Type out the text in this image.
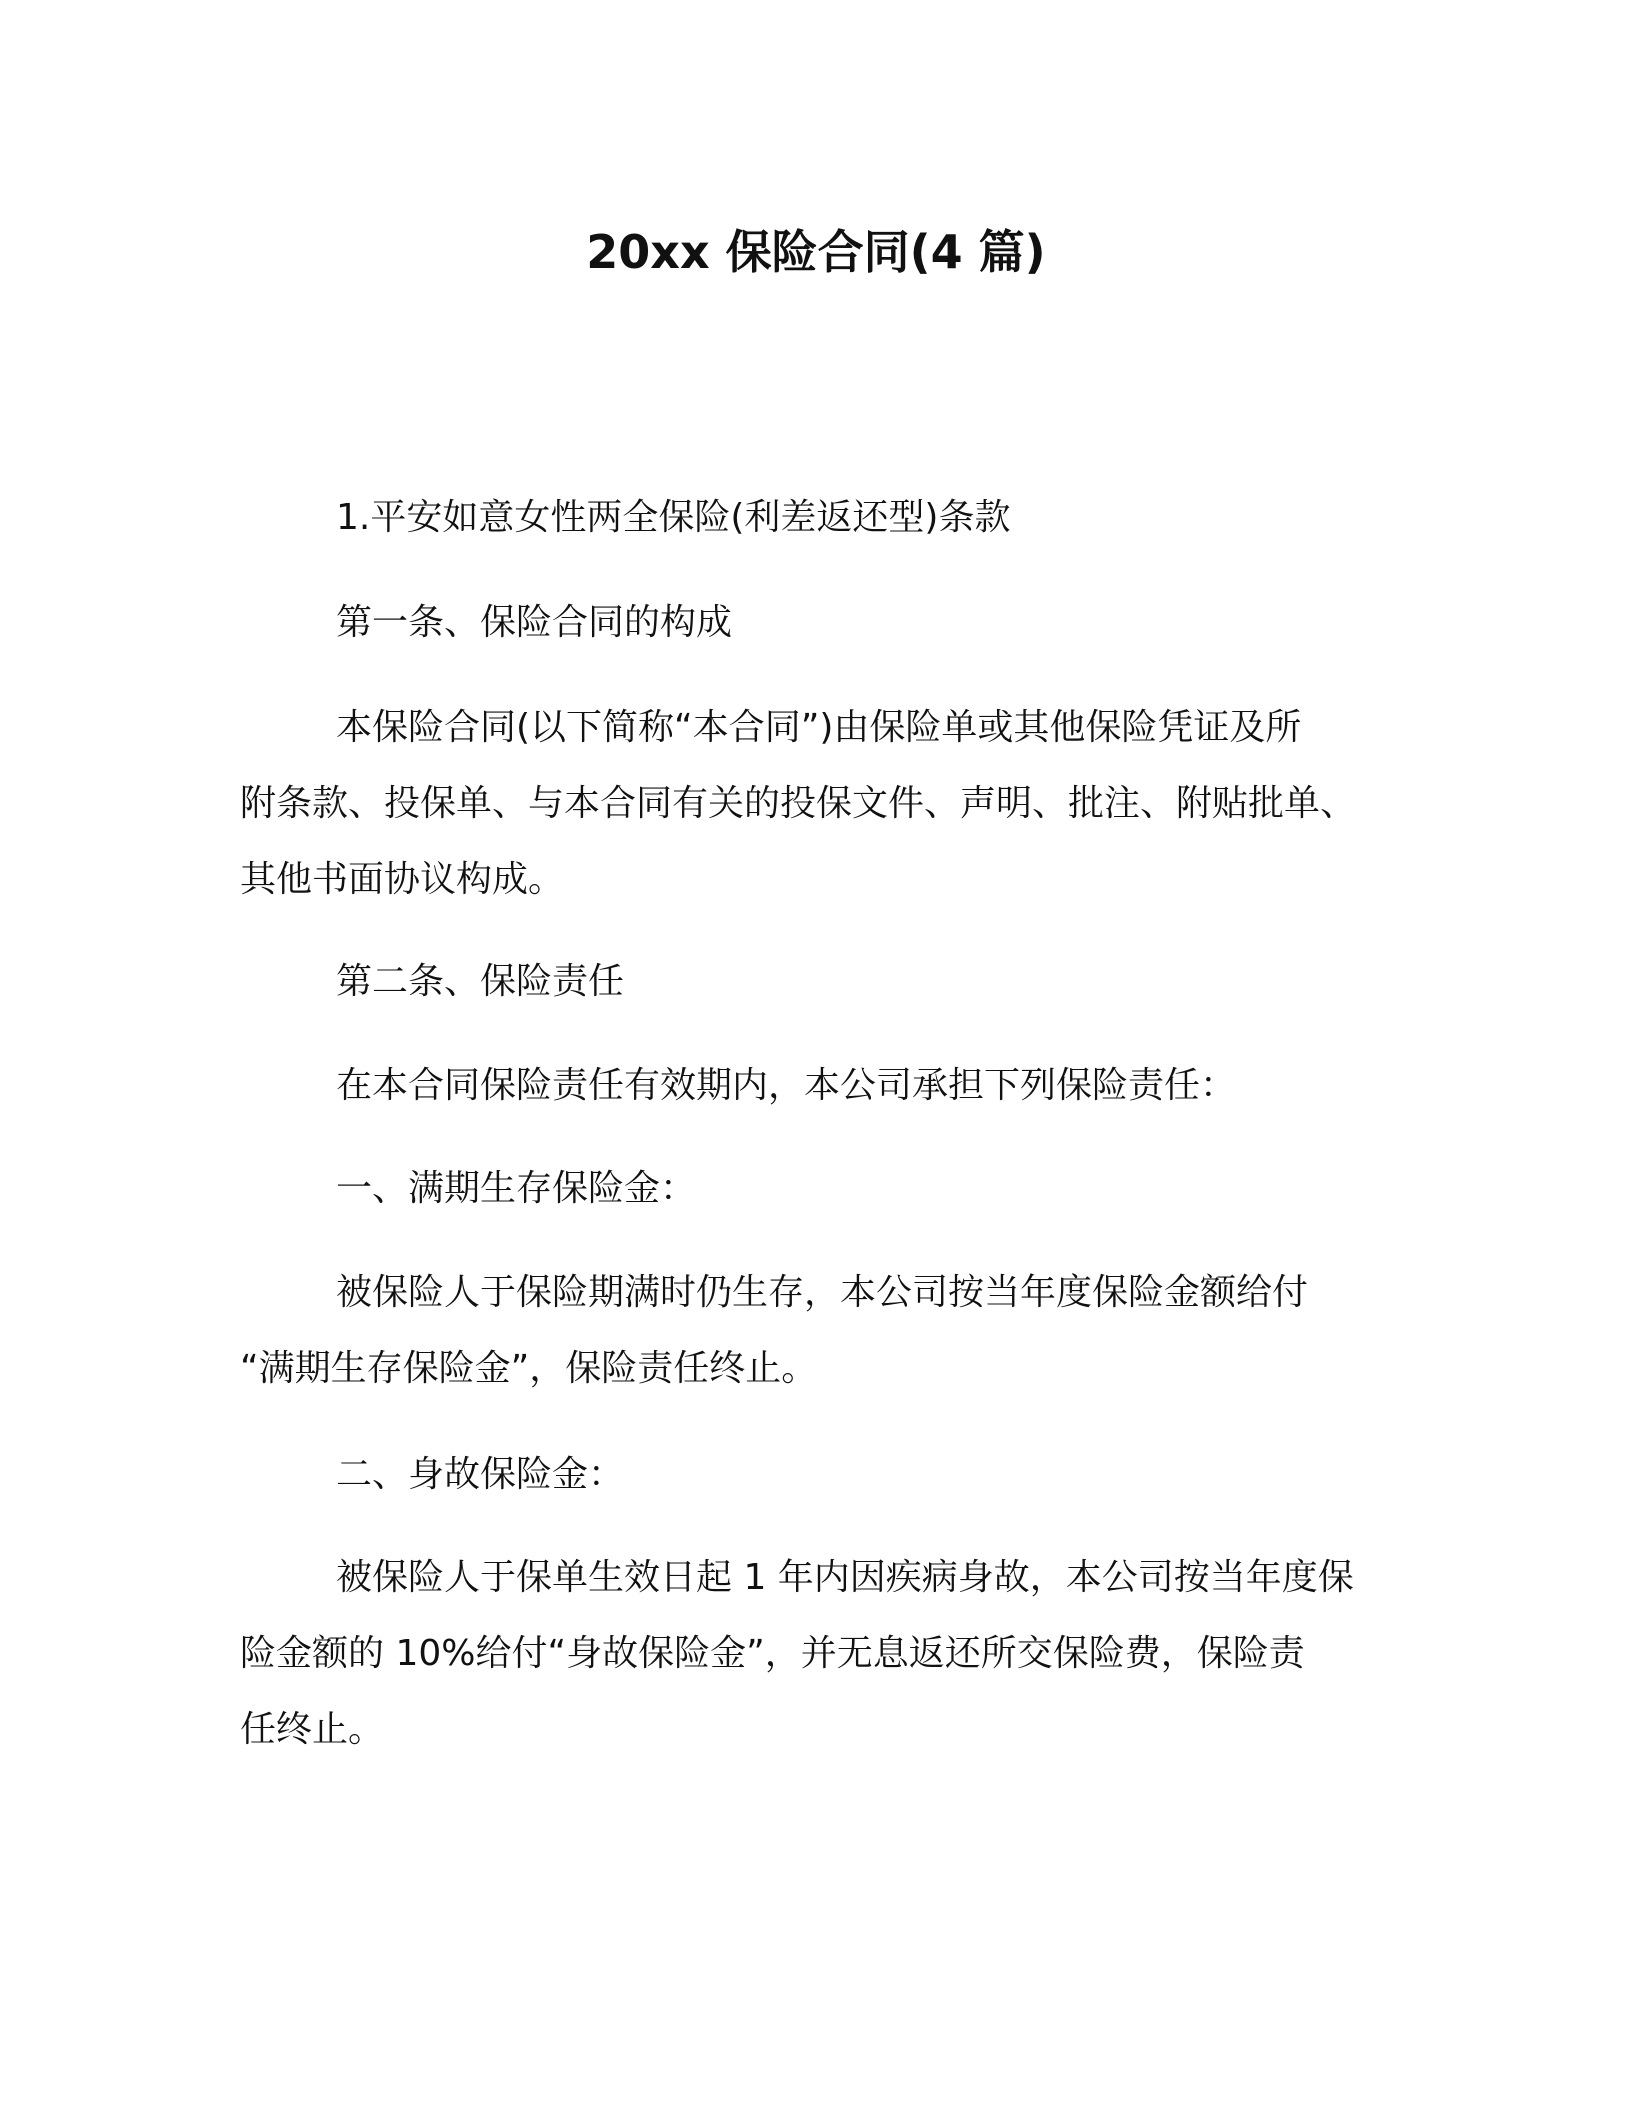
20xx 保险合同(4 篇)
1.平安如意女性两全保险(利差返还型)条款
第一条、保险合同的构成
本保险合同(以下简称“本合同”)由保险单或其他保险凭证及所
附条款、投保单、与本合同有关的投保文件、声明、批注、附贴批单、
其他书面协议构成。
第二条、保险责任
在本合同保险责任有效期内，本公司承担下列保险责任：
一、满期生存保险金：
被保险人于保险期满时仍生存，本公司按当年度保险金额给付
“满期生存保险金”，保险责任终止。
二、身故保险金：
被保险人于保单生效日起 1 年内因疾病身故，本公司按当年度保
险金额的 10%给付“身故保险金”，并无息返还所交保险费，保险责
任终止。
